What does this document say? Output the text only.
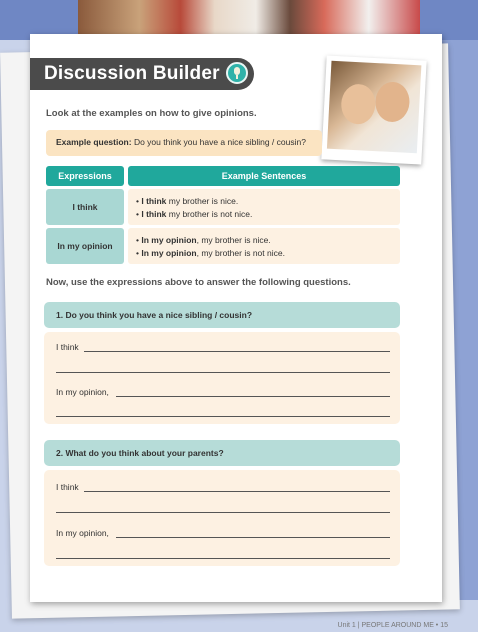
Discussion Builder
Look at the examples on how to give opinions.
Example question: Do you think you have a nice sibling / cousin?
Expressions	Example Sentences
I think
• I think my brother is nice.
• I think my brother is not nice.
In my opinion
• In my opinion, my brother is nice.
• In my opinion, my brother is not nice.
Now, use the expressions above to answer the following questions.
1. Do you think you have a nice sibling / cousin?
I think
In my opinion,
2. What do you think about your parents?
I think
In my opinion,
Unit 1 | PEOPLE AROUND ME • 15
